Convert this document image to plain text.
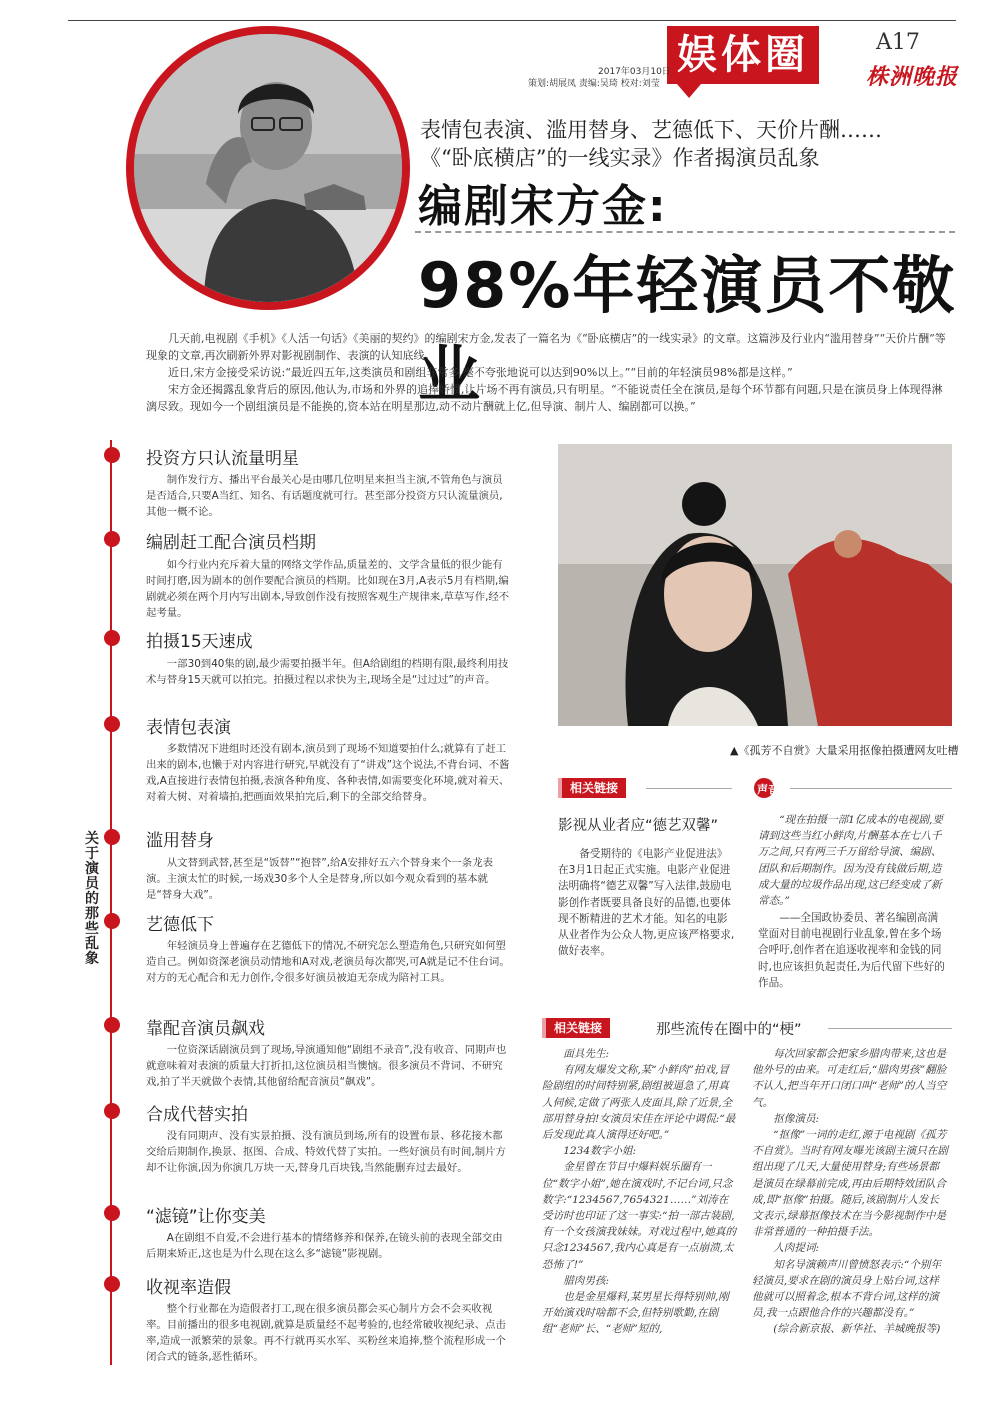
娱体圈	A17
株洲晚报
2017年03月10日
策划:胡展凤 责编:吴琦 校对:刘莹
表情包表演、滥用替身、艺德低下、天价片酬……
《“卧底横店”的一线实录》作者揭演员乱象
编剧宋方金:
98%年轻演员不敬业

几天前,电视剧《手机》《人活一句话》《美丽的契约》的编剧宋方金,发表了一篇名为《“卧底横店”的一线实录》的文章。这篇涉及行业内“滥用替身”“天价片酬”等现象的文章,再次刷新外界对影视剧制作、表演的认知底线。

近日,宋方金接受采访说:“最近四五年,这类演员和剧组非常多,毫不夸张地说可以达到90%以上。”“目前的年轻演员98%都是这样。”

宋方金还揭露乱象背后的原因,他认为,市场和外界的追捧娇惯,让片场不再有演员,只有明星。“不能说责任全在演员,是每个环节都有问题,只是在演员身上体现得淋漓尽致。现如今一个剧组演员是不能换的,资本站在明星那边,动不动片酬就上亿,但导演、制片人、编剧都可以换。”

关于演员的那些乱象
投资方只认流量明星

制作发行方、播出平台最关心是由哪几位明星来担当主演,不管角色与演员是否适合,只要A当红、知名、有话题度就可行。甚至部分投资方只认流量演员,其他一概不论。

编剧赶工配合演员档期

如今行业内充斥着大量的网络文学作品,质量差的、文学含量低的很少能有时间打磨,因为剧本的创作要配合演员的档期。比如现在3月,A表示5月有档期,编剧就必须在两个月内写出剧本,导致创作没有按照客观生产规律来,草草写作,经不起考量。

拍摄15天速成

一部30到40集的剧,最少需要拍摄半年。但A给剧组的档期有限,最终利用技术与替身15天就可以拍完。拍摄过程以求快为主,现场全是“过过过”的声音。

表情包表演

多数情况下进组时还没有剧本,演员到了现场不知道要拍什么;就算有了赶工出来的剧本,也懒于对内容进行研究,早就没有了“讲戏”这个说法,不背台词、不酱戏,A直接进行表情包拍摄,表演各种角度、各种表情,如需要变化环境,就对着天、对着大树、对着墙拍,把画面效果拍完后,剩下的全部交给替身。

滥用替身

从文替到武替,甚至是“饭替”“抱替”,给A安排好五六个替身来个一条龙表演。主演太忙的时候,一场戏30多个人全是替身,所以如今观众看到的基本就是“替身大戏”。

艺德低下

年轻演员身上普遍存在艺德低下的情况,不研究怎么塑造角色,只研究如何塑造自己。例如资深老演员动情地和A对戏,老演员每次都哭,可A就是记不住台词。对方的无心配合和无力创作,令很多好演员被迫无奈成为陪衬工具。

靠配音演员飙戏

一位资深话剧演员到了现场,导演通知他“剧组不录音”,没有收音、同期声也就意味着对表演的质量大打折扣,这位演员相当懊恼。很多演员不背词、不研究戏,拍了半天就做个表情,其他留给配音演员“飙戏”。

合成代替实拍

没有同期声、没有实景拍摄、没有演员到场,所有的设置布景、移花接木都交给后期制作,换景、抠图、合成、特效代替了实拍。一些好演员有时间,制片方却不让你演,因为你演几万块一天,替身几百块钱,当然能删弃过去最好。

“滤镜”让你变美

A在剧组不自爱,不会进行基本的情绪修养和保养,在镜头前的表现全部交由后期来矫正,这也是为什么现在这么多“滤镜”影视剧。

收视率造假

整个行业都在为造假者打工,现在很多演员都会买心制片方会不会买收视率。目前播出的很多电视剧,就算是质量经不起考验的,也经常破收视纪录、点击率,造成一派繁荣的景象。再不行就再买水军、买粉丝来追捧,整个流程形成一个闭合式的链条,恶性循环。

▲《孤芳不自赏》大量采用抠像拍摄遭网友吐槽
相关链接
影视从业者应“德艺双馨”

备受期待的《电影产业促进法》在3月1日起正式实施。电影产业促进法明确将“德艺双馨”写入法律,鼓励电影创作者既要具备良好的品德,也要体现不断精进的艺术才能。知名的电影从业者作为公众人物,更应该严格要求,做好表率。

声音

“现在拍摄一部1亿成本的电视剧,要请到这些当红小鲜肉,片酬基本在七八千万之间,只有两三千万留给导演、编剧、团队和后期制作。因为没有钱做后期,造成大量的垃圾作品出现,这已经变成了新常态。”

——全国政协委员、著名编剧高满堂面对目前电视剧行业乱象,曾在多个场合呼吁,创作者在追逐收视率和金钱的同时,也应该担负起责任,为后代留下些好的作品。

相关链接	那些流传在圈中的“梗”

面具先生:

有网友爆发文称,某“小鲜肉”拍戏,冒险剧组的时间特别紧,剧组被逼急了,用真人伺候,定做了两张人皮面具,除了近景,全部用替身拍!女演员宋佳在评论中调侃:“最后发现此真人演得还好吧。”

1234数字小姐:

金星曾在节目中爆料娱乐圈有一位“数字小姐”,她在演戏时,不记台词,只念数字:“1234567,7654321……”刘涛在受访时也印证了这一事实:“拍一部古装剧,有一个女孩演我妹妹。对戏过程中,她真的只念1234567,我内心真是有一点崩溃,太恐怖了!”

腊肉男孩:

也是金星爆料,某男星长得特别帅,刚开始演戏时啥都不会,但特别歌勤,在剧组“老师”长、“老师”短的,

每次回家都会把家乡腊肉带来,这也是他外号的由来。可走红后,“腊肉男孩”翻脸不认人,把当年开口闭口叫“老师”的人当空气。

抠像演员:

“抠像”一词的走红,源于电视剧《孤芳不自赏》。当时有网友曝光该剧主演只在剧组出现了几天,大量使用替身;有些场景都是演员在绿幕前完成,再由后期特效团队合成,即“抠像”拍摄。随后,该剧制片人发长文表示,绿幕抠像技术在当今影视制作中是非常普通的一种拍摄手法。

人肉提词:

知名导演赖声川曾愤怒表示:“个别年轻演员,要求在剧的演员身上贴台词,这样他就可以照着念,根本不背台词,这样的演员,我一点跟他合作的兴趣都没有。”

(综合新京报、新华社、羊城晚报等)
